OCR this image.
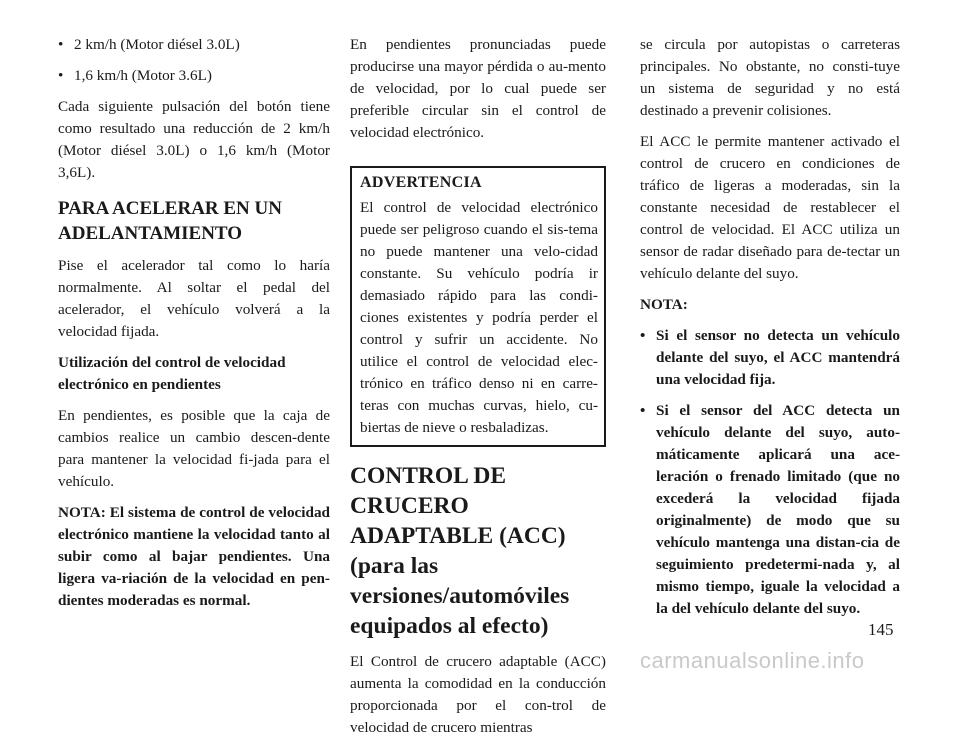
• 2 km/h (Motor diésel 3.0L)
• 1,6 km/h (Motor 3.6L)

Cada siguiente pulsación del botón tiene como resultado una reducción de 2 km/h (Motor diésel 3.0L) o 1,6 km/h (Motor 3,6L).

PARA ACELERAR EN UN ADELANTAMIENTO

Pise el acelerador tal como lo haría normalmente. Al soltar el pedal del acelerador, el vehículo volverá a la velocidad fijada.

Utilización del control de velocidad electrónico en pendientes

En pendientes, es posible que la caja de cambios realice un cambio descen-dente para mantener la velocidad fi-jada para el vehículo.

NOTA: El sistema de control de velocidad electrónico mantiene la velocidad tanto al subir como al bajar pendientes. Una ligera va-riación de la velocidad en pen-dientes moderadas es normal.

En pendientes pronunciadas puede producirse una mayor pérdida o au-mento de velocidad, por lo cual puede ser preferible circular sin el control de velocidad electrónico.

ADVERTENCIA
El control de velocidad electrónico puede ser peligroso cuando el sis-tema no puede mantener una velo-cidad constante. Su vehículo podría ir demasiado rápido para las condi-ciones existentes y podría perder el control y sufrir un accidente. No utilice el control de velocidad elec-trónico en tráfico denso ni en carre-teras con muchas curvas, hielo, cu-biertas de nieve o resbaladizas.
CONTROL DE CRUCERO ADAPTABLE (ACC) (para las versiones/automóviles equipados al efecto)

El Control de crucero adaptable (ACC) aumenta la comodidad en la conducción proporcionada por el con-trol de velocidad de crucero mientras

se circula por autopistas o carreteras principales. No obstante, no consti-tuye un sistema de seguridad y no está destinado a prevenir colisiones.

El ACC le permite mantener activado el control de crucero en condiciones de tráfico de ligeras a moderadas, sin la constante necesidad de restablecer el control de velocidad. El ACC utiliza un sensor de radar diseñado para de-tectar un vehículo delante del suyo.

NOTA:

• Si el sensor no detecta un vehículo delante del suyo, el ACC mantendrá una velocidad fija.
• Si el sensor del ACC detecta un vehículo delante del suyo, auto-máticamente aplicará una ace-leración o frenado limitado (que no excederá la velocidad fijada originalmente) de modo que su vehículo mantenga una distan-cia de seguimiento predetermi-nada y, al mismo tiempo, iguale la velocidad a la del vehículo delante del suyo.
145
carmanualsonline.info
